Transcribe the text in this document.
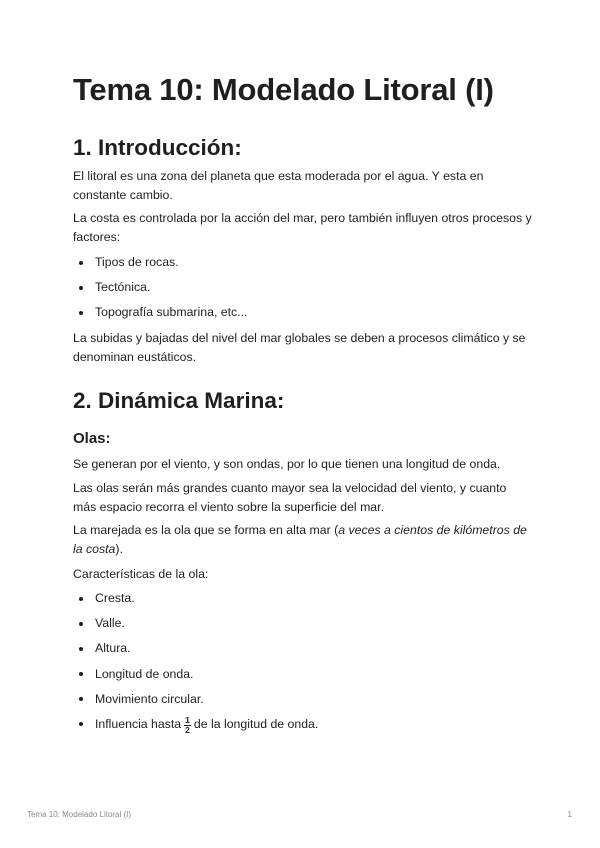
Tema 10: Modelado Litoral (I)
1. Introducción:

El litoral es una zona del planeta que esta moderada por el agua. Y esta en constante cambio.

La costa es controlada por la acción del mar, pero también influyen otros procesos y factores:

Tipos de rocas.
Tectónica.
Topografía submarina, etc...

La subidas y bajadas del nivel del mar globales se deben a procesos climático y se denominan eustáticos.

2. Dinámica Marina:
Olas:

Se generan por el viento, y son ondas, por lo que tienen una longitud de onda.

Las olas serán más grandes cuanto mayor sea la velocidad del viento, y cuanto más espacio recorra el viento sobre la superficie del mar.

La marejada es la ola que se forma en alta mar (a veces a cientos de kilómetros de la costa).

Características de la ola:

Cresta.
Valle.
Altura.
Longitud de onda.
Movimiento circular.
Influencia hasta $\frac{1}{2}$ de la longitud de onda.
Tema 10: Modelado Litoral (I)	1
